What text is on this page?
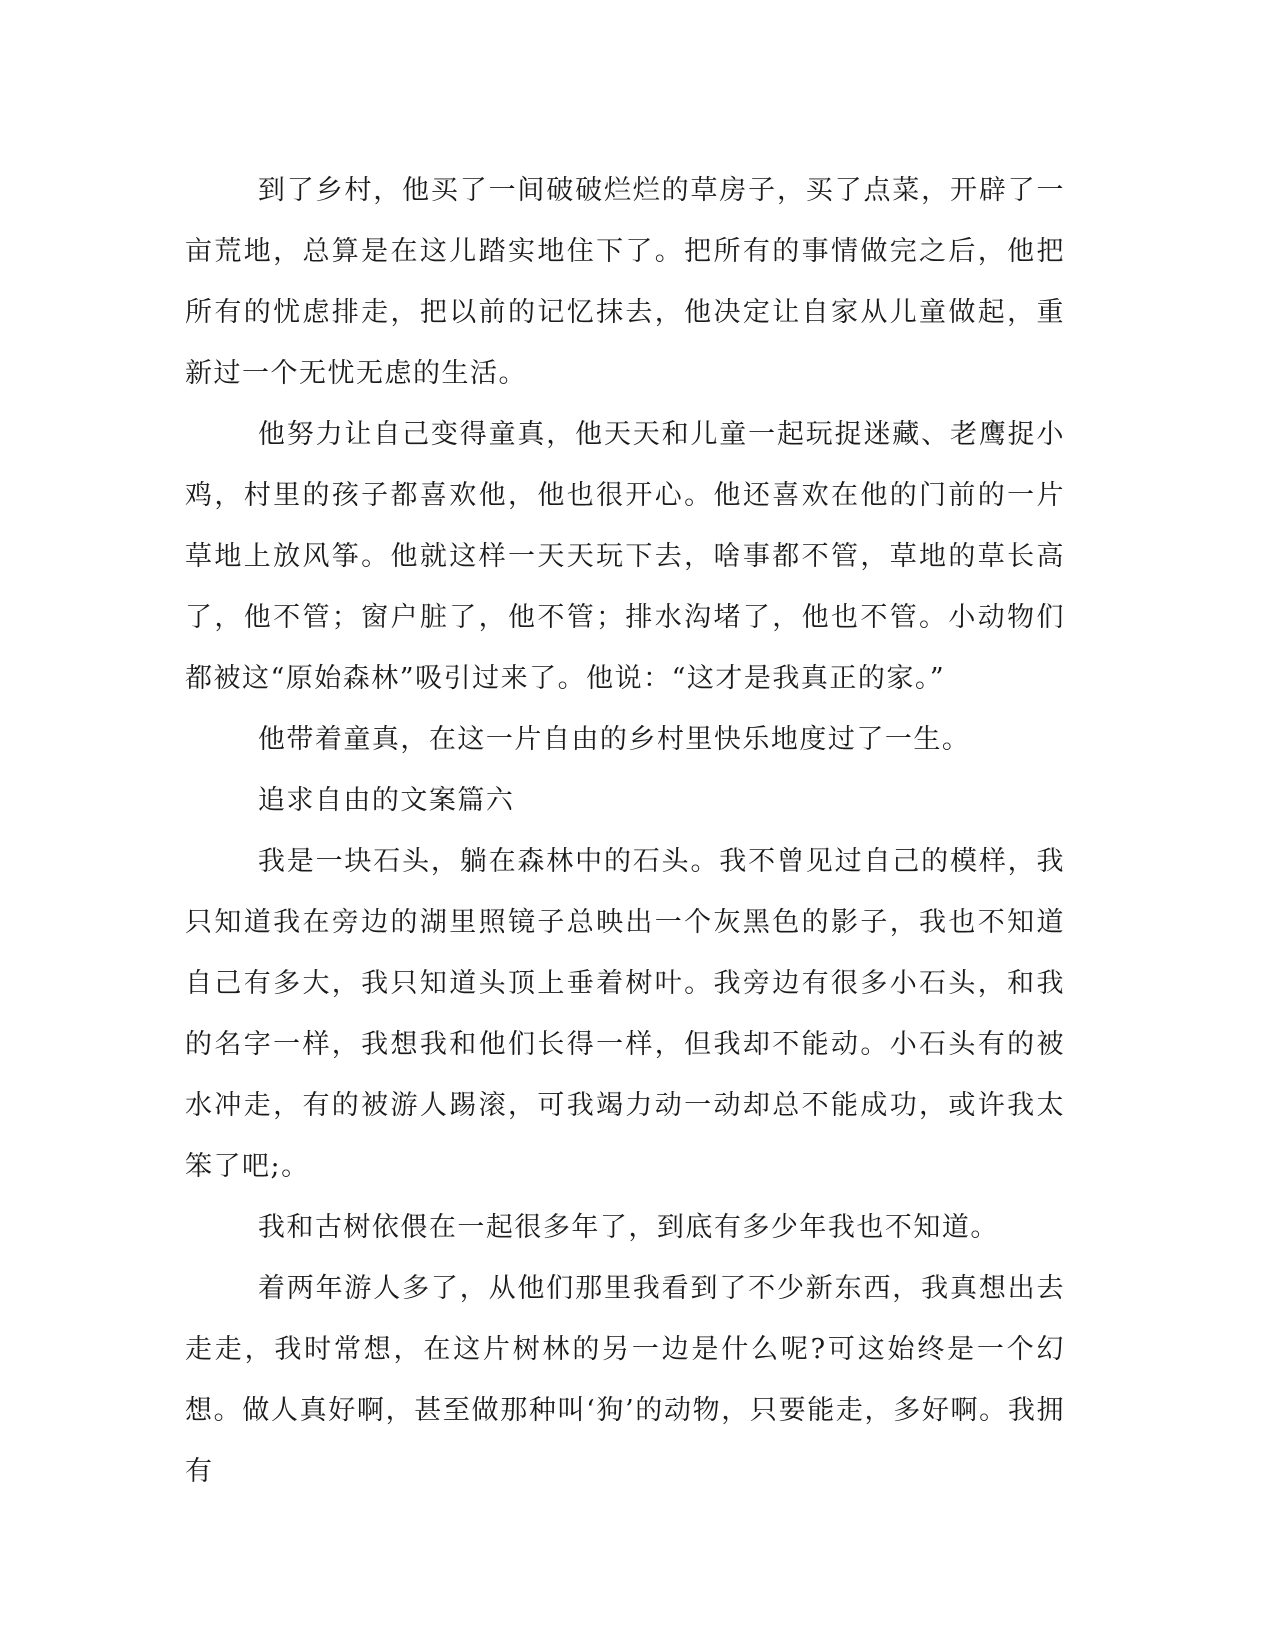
到了乡村，他买了一间破破烂烂的草房子，买了点菜，开辟了一亩荒地，总算是在这儿踏实地住下了。把所有的事情做完之后，他把所有的忧虑排走，把以前的记忆抹去，他决定让自家从儿童做起，重新过一个无忧无虑的生活。

他努力让自己变得童真，他天天和儿童一起玩捉迷藏、老鹰捉小鸡，村里的孩子都喜欢他，他也很开心。他还喜欢在他的门前的一片草地上放风筝。他就这样一天天玩下去，啥事都不管，草地的草长高了，他不管；窗户脏了，他不管；排水沟堵了，他也不管。小动物们都被这“原始森林”吸引过来了。他说：“这才是我真正的家。”

他带着童真，在这一片自由的乡村里快乐地度过了一生。

追求自由的文案篇六

我是一块石头，躺在森林中的石头。我不曾见过自己的模样，我只知道我在旁边的湖里照镜子总映出一个灰黑色的影子，我也不知道自己有多大，我只知道头顶上垂着树叶。我旁边有很多小石头，和我的名字一样，我想我和他们长得一样，但我却不能动。小石头有的被水冲走，有的被游人踢滚，可我竭力动一动却总不能成功，或许我太笨了吧;。

我和古树依偎在一起很多年了，到底有多少年我也不知道。

着两年游人多了，从他们那里我看到了不少新东西，我真想出去走走，我时常想，在这片树林的另一边是什么呢?可这始终是一个幻想。做人真好啊，甚至做那种叫‘狗’的动物，只要能走，多好啊。我拥有
